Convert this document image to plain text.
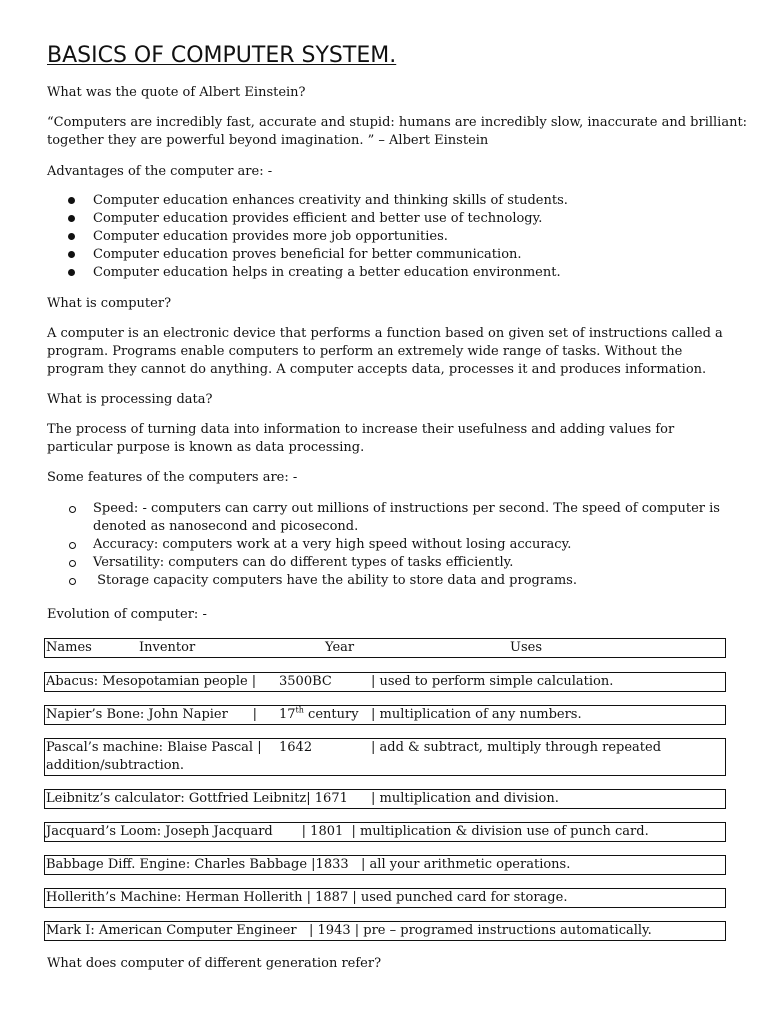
BASICS OF COMPUTER SYSTEM.

What was the quote of Albert Einstein?

“Computers are incredibly fast, accurate and stupid: humans are incredibly slow, inaccurate and brilliant:

together they are powerful beyond imagination. ” – Albert Einstein

Advantages of the computer are: -

Computer education enhances creativity and thinking skills of students.
Computer education provides efficient and better use of technology.
Computer education provides more job opportunities.
Computer education proves beneficial for better communication.
Computer education helps in creating a better education environment.

What is computer?

A computer is an electronic device that performs a function based on given set of instructions called a program. Programs enable computers to perform an extremely wide range of tasks. Without the program they cannot do anything. A computer accepts data, processes it and produces information.

What is processing data?

The process of turning data into information to increase their usefulness and adding values for particular purpose is known as data processing.

Some features of the computers are: -

Speed: - computers can carry out millions of instructions per second. The speed of computer is denoted as nanosecond and picosecond.
Accuracy: computers work at a very high speed without losing accuracy.
Versatility: computers can do different types of tasks efficiently.
Storage capacity computers have the ability to store data and programs.

Evolution of computer: -

Names	Inventor	Year	Uses
Abacus: Mesopotamian people | 3500BC	| used to perform simple calculation.
Napier’s Bone: John Napier      | 17th century | multiplication of any numbers.
Pascal’s machine: Blaise Pascal | 1642	| add & subtract, multiply through repeated
addition/subtraction.
Leibnitz’s calculator: Gottfried Leibnitz| 1671 | multiplication and division.
Jacquard’s Loom: Joseph Jacquard       | 1801  | multiplication & division use of punch card.
Babbage Diff. Engine: Charles Babbage |1833   | all your arithmetic operations.
Hollerith’s Machine: Herman Hollerith | 1887 | used punched card for storage.
Mark I: American Computer Engineer   | 1943 | pre – programed instructions automatically.

What does computer of different generation refer?
